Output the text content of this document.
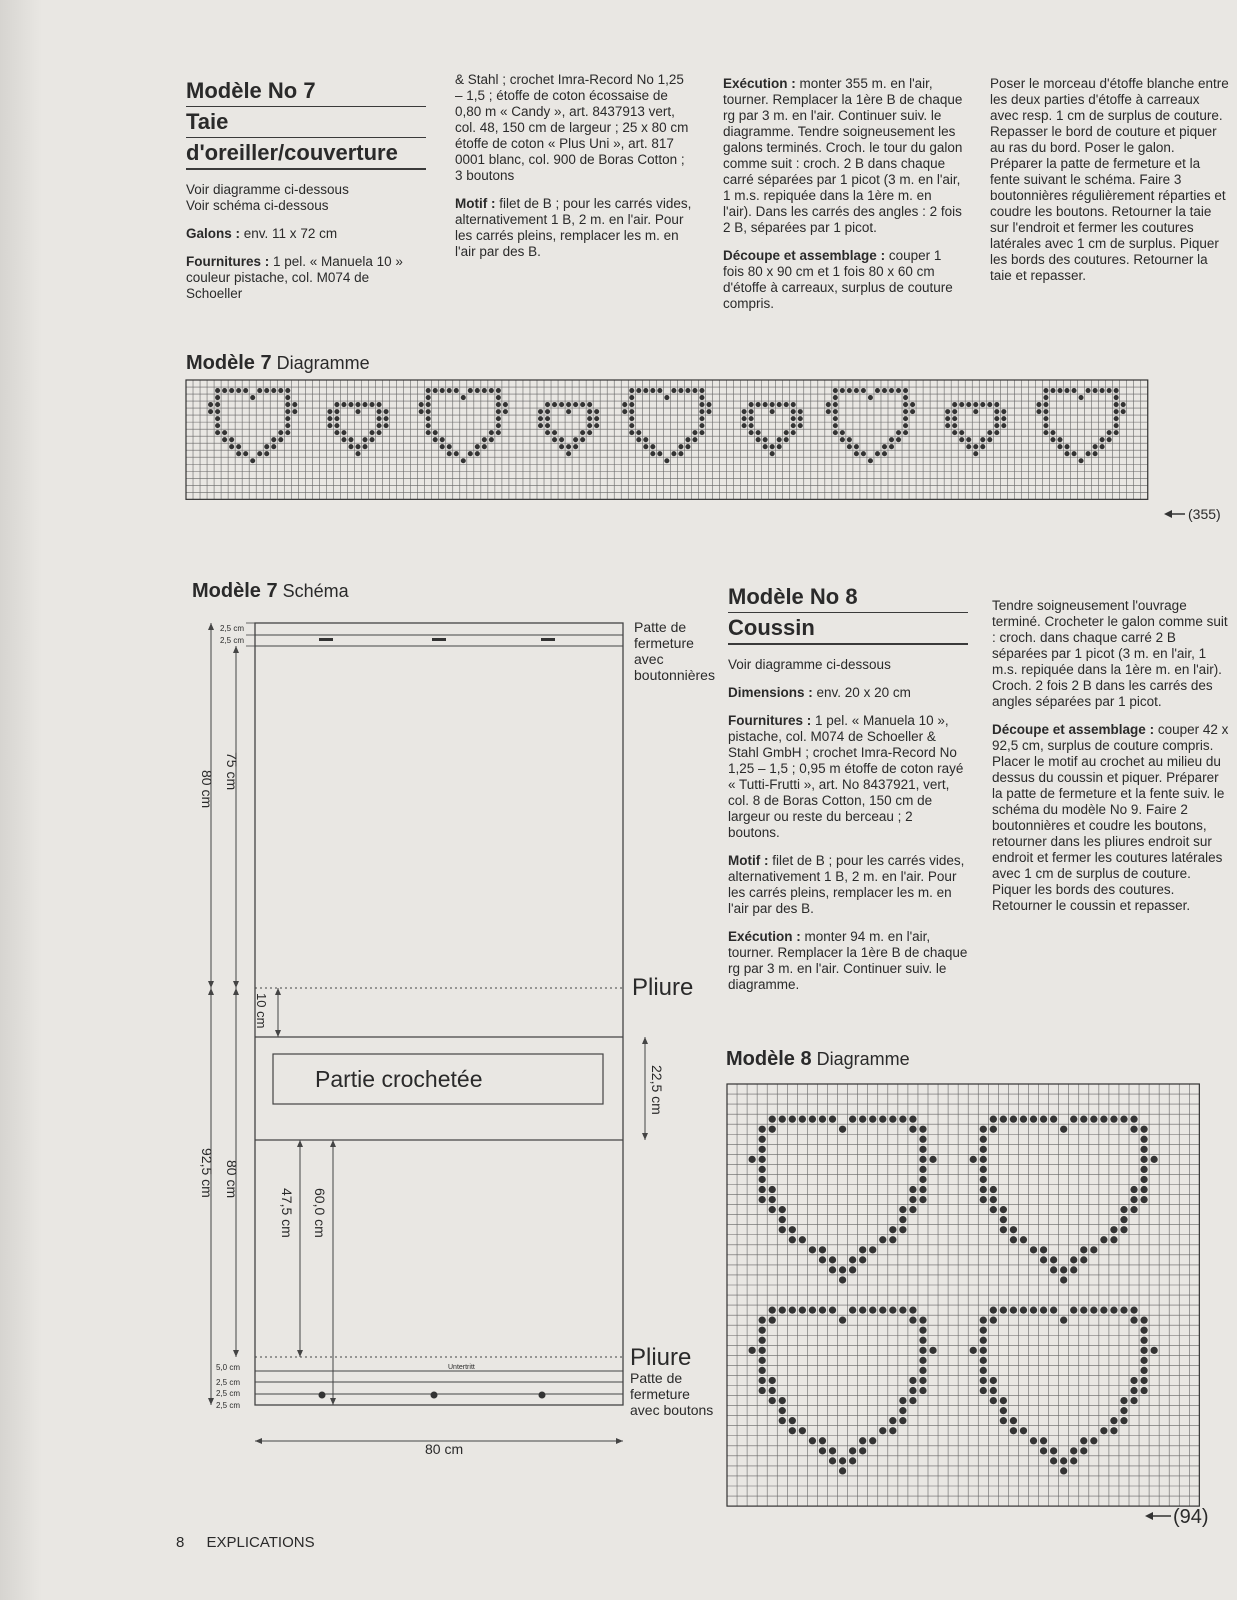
Modèle No 7
Taie
d'oreiller/couverture
Voir diagramme ci-dessous
Voir schéma ci-dessous

Galons : env. 11 x 72 cm

Fournitures : 1 pel. « Manuela 10 » couleur pistache, col. M074 de Schoeller

& Stahl ; crochet Imra-Record No 1,25 – 1,5 ; étoffe de coton écossaise de 0,80 m « Candy », art. 8437913 vert, col. 48, 150 cm de largeur ; 25 x 80 cm étoffe de coton « Plus Uni », art. 817 0001 blanc, col. 900 de Boras Cotton ; 3 boutons

Motif : filet de B ; pour les carrés vides, alternativement 1 B, 2 m. en l'air. Pour les carrés pleins, remplacer les m. en l'air par des B.

Exécution : monter 355 m. en l'air, tourner. Remplacer la 1ère B de chaque rg par 3 m. en l'air. Continuer suiv. le diagramme. Tendre soigneusement les galons terminés. Croch. le tour du galon comme suit : croch. 2 B dans chaque carré séparées par 1 picot (3 m. en l'air, 1 m.s. repiquée dans la 1ère m. en l'air). Dans les carrés des angles : 2 fois 2 B, séparées par 1 picot.

Découpe et assemblage : couper 1 fois 80 x 90 cm et 1 fois 80 x 60 cm d'étoffe à carreaux, surplus de couture compris.

Poser le morceau d'étoffe blanche entre les deux parties d'étoffe à carreaux avec resp. 1 cm de surplus de couture. Repasser le bord de couture et piquer au ras du bord. Poser le galon. Préparer la patte de fermeture et la fente suivant le schéma. Faire 3 boutonnières régulièrement réparties et coudre les boutons. Retourner la taie sur l'endroit et fermer les coutures latérales avec 1 cm de surplus. Piquer les bords des coutures. Retourner la taie et repasser.

Modèle 7 Diagramme
(355)
Modèle 7 Schéma
80 cm 75 cm
2,5 cm
2,5 cm
10 cm
22,5 cm
92,5 cm 80 cm
47,5 cm 60,0 cm
5,0 cm
2,5 cm
2,5 cm
2,5 cm
80 cm
Patte de
fermeture
avec
boutonnières
Pliure
Partie crochetée
Pliure
Patte de
fermeture
avec boutons
Untertritt
Modèle No 8
Coussin

Voir diagramme ci-dessous

Dimensions : env. 20 x 20 cm

Fournitures : 1 pel. « Manuela 10 », pistache, col. M074 de Schoeller & Stahl GmbH ; crochet Imra-Record No 1,25 – 1,5 ; 0,95 m étoffe de coton rayé « Tutti-Frutti », art. No 8437921, vert, col. 8 de Boras Cotton, 150 cm de largeur ou reste du berceau ; 2 boutons.

Motif : filet de B ; pour les carrés vides, alternativement 1 B, 2 m. en l'air. Pour les carrés pleins, remplacer les m. en l'air par des B.

Exécution : monter 94 m. en l'air, tourner. Remplacer la 1ère B de chaque rg par 3 m. en l'air. Continuer suiv. le diagramme.

Tendre soigneusement l'ouvrage terminé. Crocheter le galon comme suit : croch. dans chaque carré 2 B séparées par 1 picot (3 m. en l'air, 1 m.s. repiquée dans la 1ère m. en l'air). Croch. 2 fois 2 B dans les carrés des angles séparées par 1 picot.

Découpe et assemblage : couper 42 x 92,5 cm, surplus de couture compris. Placer le motif au crochet au milieu du dessus du coussin et piquer. Préparer la patte de fermeture et la fente suiv. le schéma du modèle No 9. Faire 2 boutonnières et coudre les boutons, retourner dans les pliures endroit sur endroit et fermer les coutures latérales avec 1 cm de surplus de couture. Piquer les bords des coutures. Retourner le coussin et repasser.

Modèle 8 Diagramme
(94)
8 EXPLICATIONS
